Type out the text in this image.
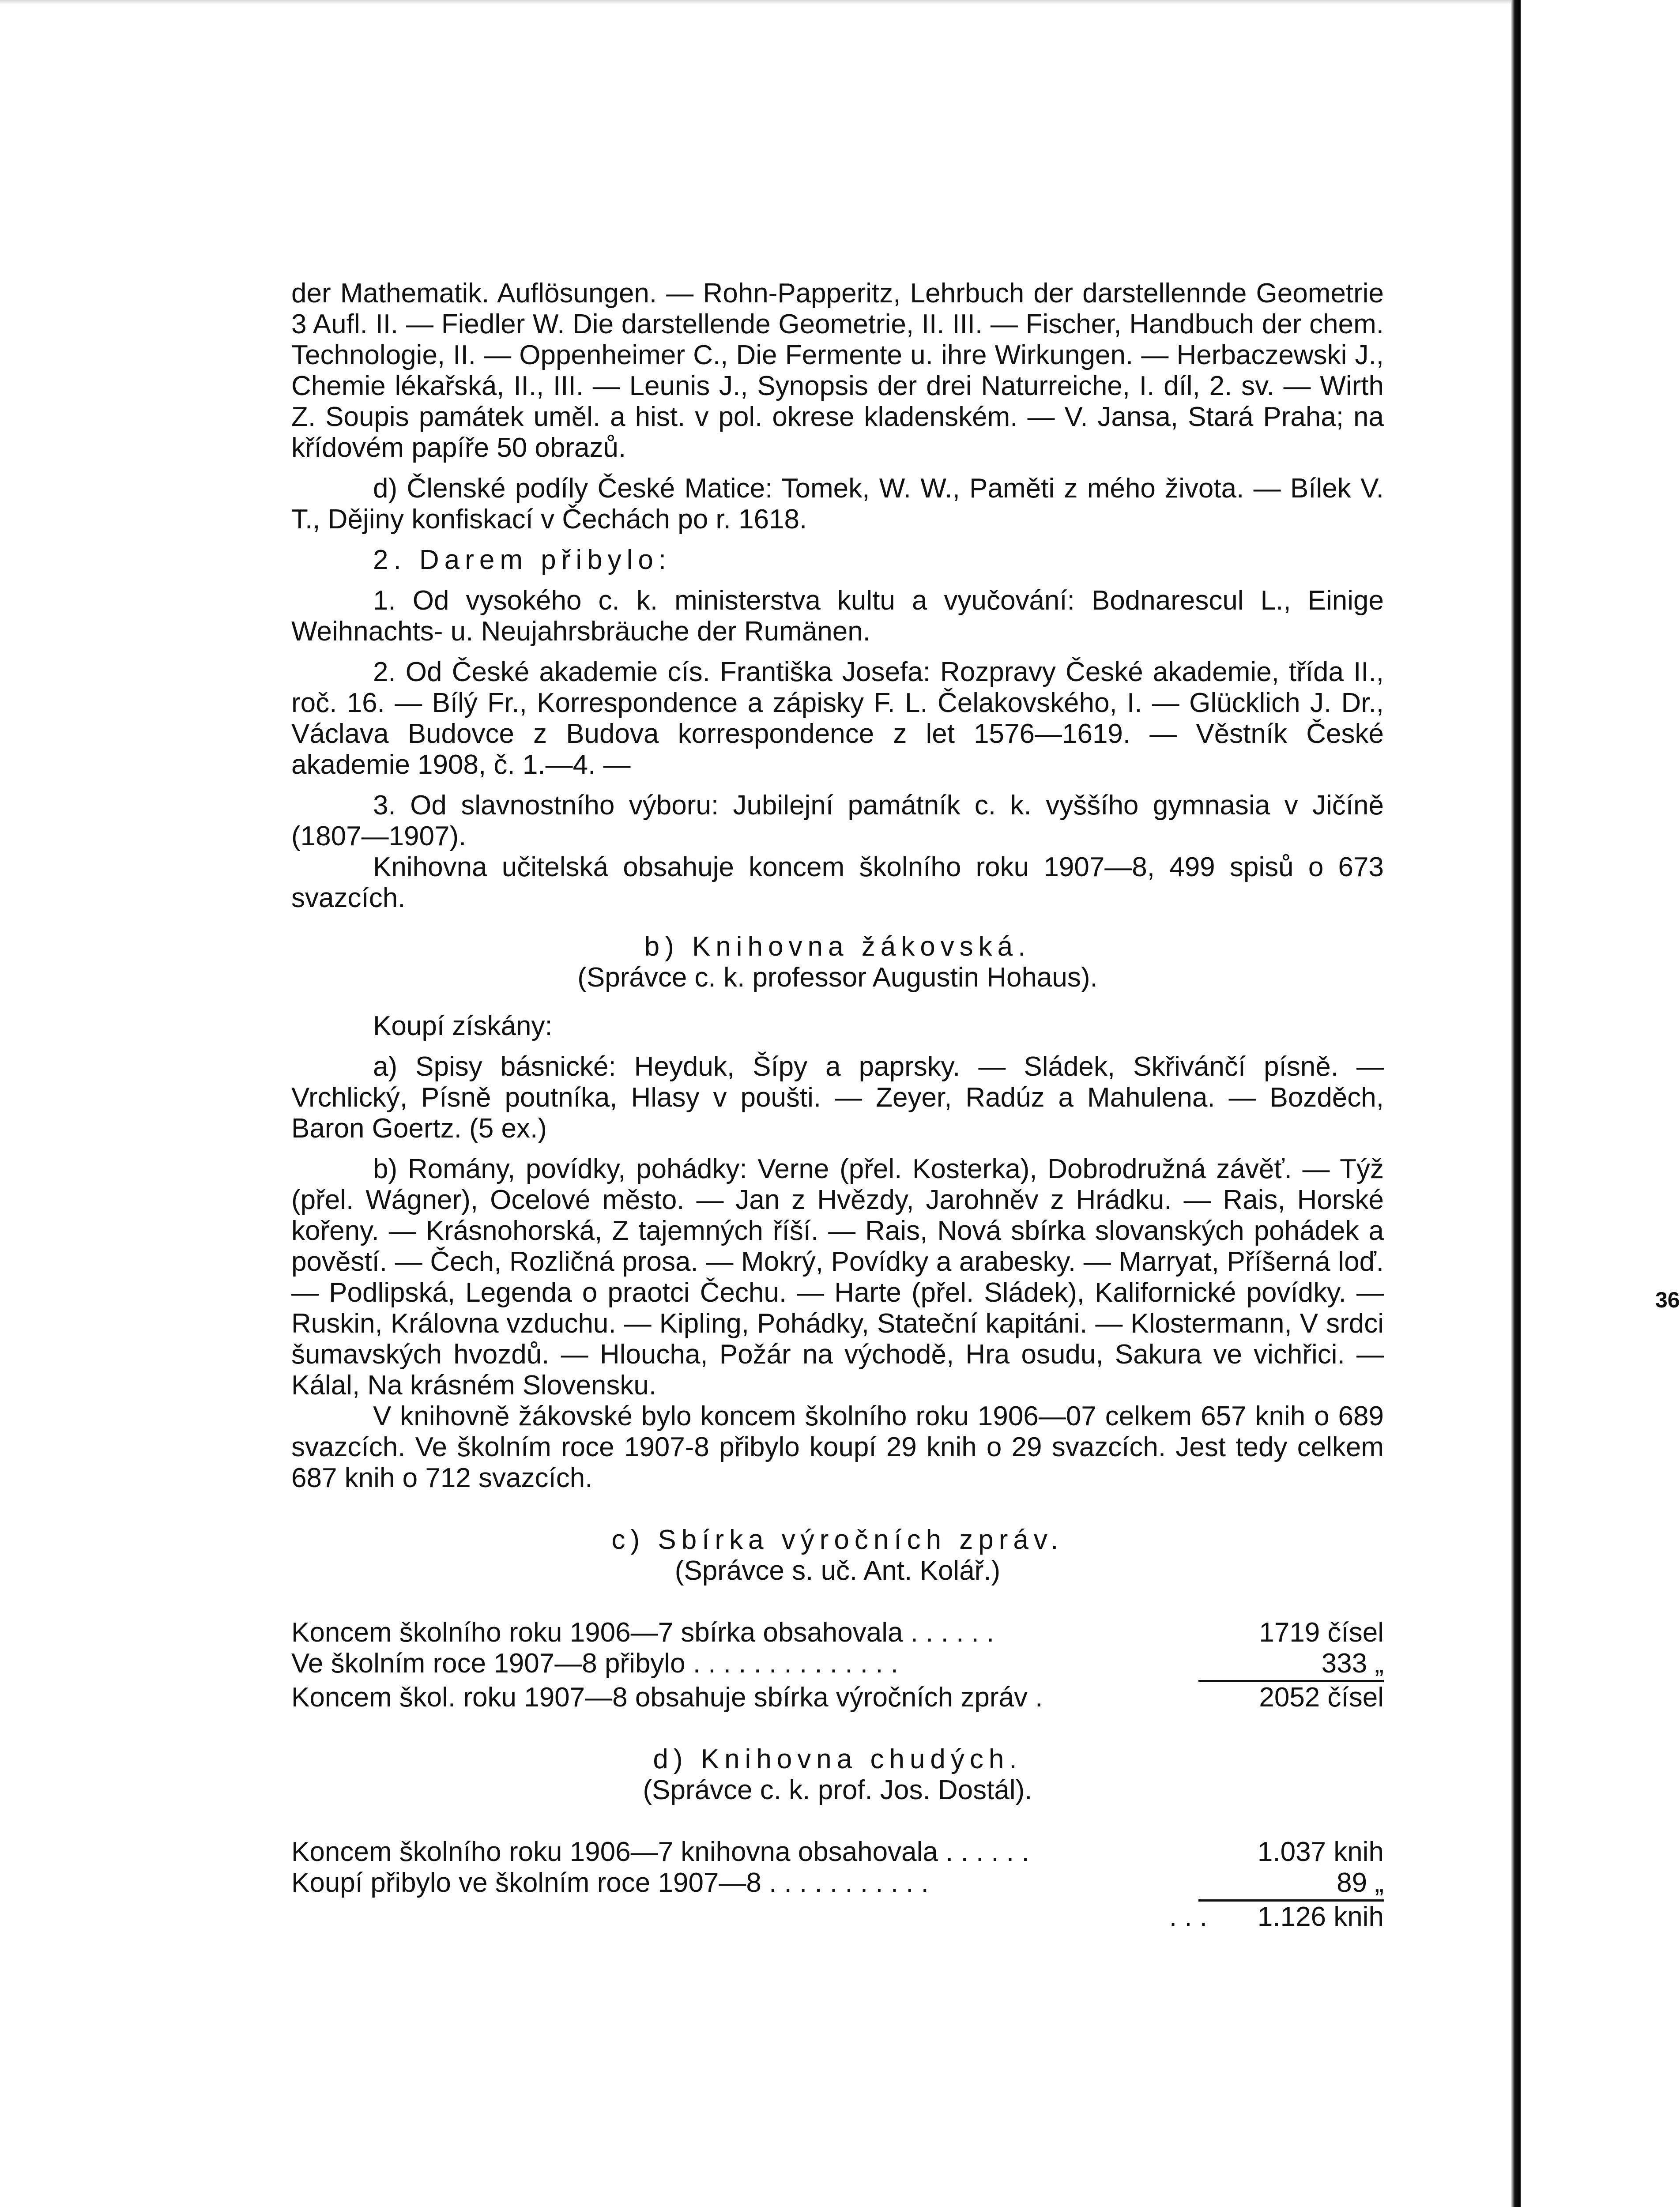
der Mathematik. Auflösungen. — Rohn-Papperitz, Lehrbuch der darstellennde Geometrie 3 Aufl. II. — Fiedler W. Die darstellende Geometrie, II. III. — Fischer, Handbuch der chem. Technologie, II. — Oppenheimer C., Die Fermente u. ihre Wirkungen. — Herbaczewski J., Chemie lékařská, II., III. — Leunis J., Synopsis der drei Naturreiche, I. díl, 2. sv. — Wirth Z. Soupis památek uměl. a hist. v pol. okrese kladenském. — V. Jansa, Stará Praha; na křídovém papíře 50 obrazů.

d) Členské podíly České Matice: Tomek, W. W., Paměti z mého života. — Bílek V. T., Dějiny konfiskací v Čechách po r. 1618.

2. Darem přibylo:

1. Od vysokého c. k. ministerstva kultu a vyučování: Bodnarescul L., Einige Weihnachts- u. Neujahrsbräuche der Rumänen.

2. Od České akademie cís. Františka Josefa: Rozpravy České akademie, třída II., roč. 16. — Bílý Fr., Korrespondence a zápisky F. L. Čelakovského, I. — Glücklich J. Dr., Václava Budovce z Budova korrespondence z let 1576—1619. — Věstník České akademie 1908, č. 1.—4. —

3. Od slavnostního výboru: Jubilejní památník c. k. vyššího gymnasia v Jičíně (1807—1907).

Knihovna učitelská obsahuje koncem školního roku 1907—8, 499 spisů o 673 svazcích.

b) Knihovna žákovská.

(Správce c. k. professor Augustin Hohaus).

Koupí získány:

a) Spisy básnické: Heyduk, Šípy a paprsky. — Sládek, Skřivánčí písně. — Vrchlický, Písně poutníka, Hlasy v poušti. — Zeyer, Radúz a Mahulena. — Bozděch, Baron Goertz. (5 ex.)

b) Romány, povídky, pohádky: Verne (přel. Kosterka), Dobrodružná závěť. — Týž (přel. Wágner), Ocelové město. — Jan z Hvězdy, Jarohněv z Hrádku. — Rais, Horské kořeny. — Krásnohorská, Z tajemných říší. — Rais, Nová sbírka slovanských pohádek a pověstí. — Čech, Rozličná prosa. — Mokrý, Povídky a arabesky. — Marryat, Příšerná loď. — Podlipská, Legenda o praotci Čechu. — Harte (přel. Sládek), Kalifornické povídky. — Ruskin, Královna vzduchu. — Kipling, Pohádky, Stateční kapitáni. — Klostermann, V srdci šumavských hvozdů. — Hloucha, Požár na východě, Hra osudu, Sakura ve vichřici. — Kálal, Na krásném Slovensku.

V knihovně žákovské bylo koncem školního roku 1906—07 celkem 657 knih o 689 svazcích. Ve školním roce 1907-8 přibylo koupí 29 knih o 29 svazcích. Jest tedy celkem 687 knih o 712 svazcích.

c) Sbírka výročních zpráv.

(Správce s. uč. Ant. Kolář.)

Koncem školního roku 1906—7 sbírka obsahovala . . . . . .	1719 čísel
Ve školním roce 1907—8 přibylo . . . . . . . . . . . . . .	333 „
Koncem škol. roku 1907—8 obsahuje sbírka výročních zpráv .	2052 čísel

d) Knihovna chudých.

(Správce c. k. prof. Jos. Dostál).

Koncem školního roku 1906—7 knihovna obsahovala . . . . . .	1.037 knih
Koupí přibylo ve školním roce 1907—8 . . . . . . . . . . .	89 „
. . .	1.126 knih
36
